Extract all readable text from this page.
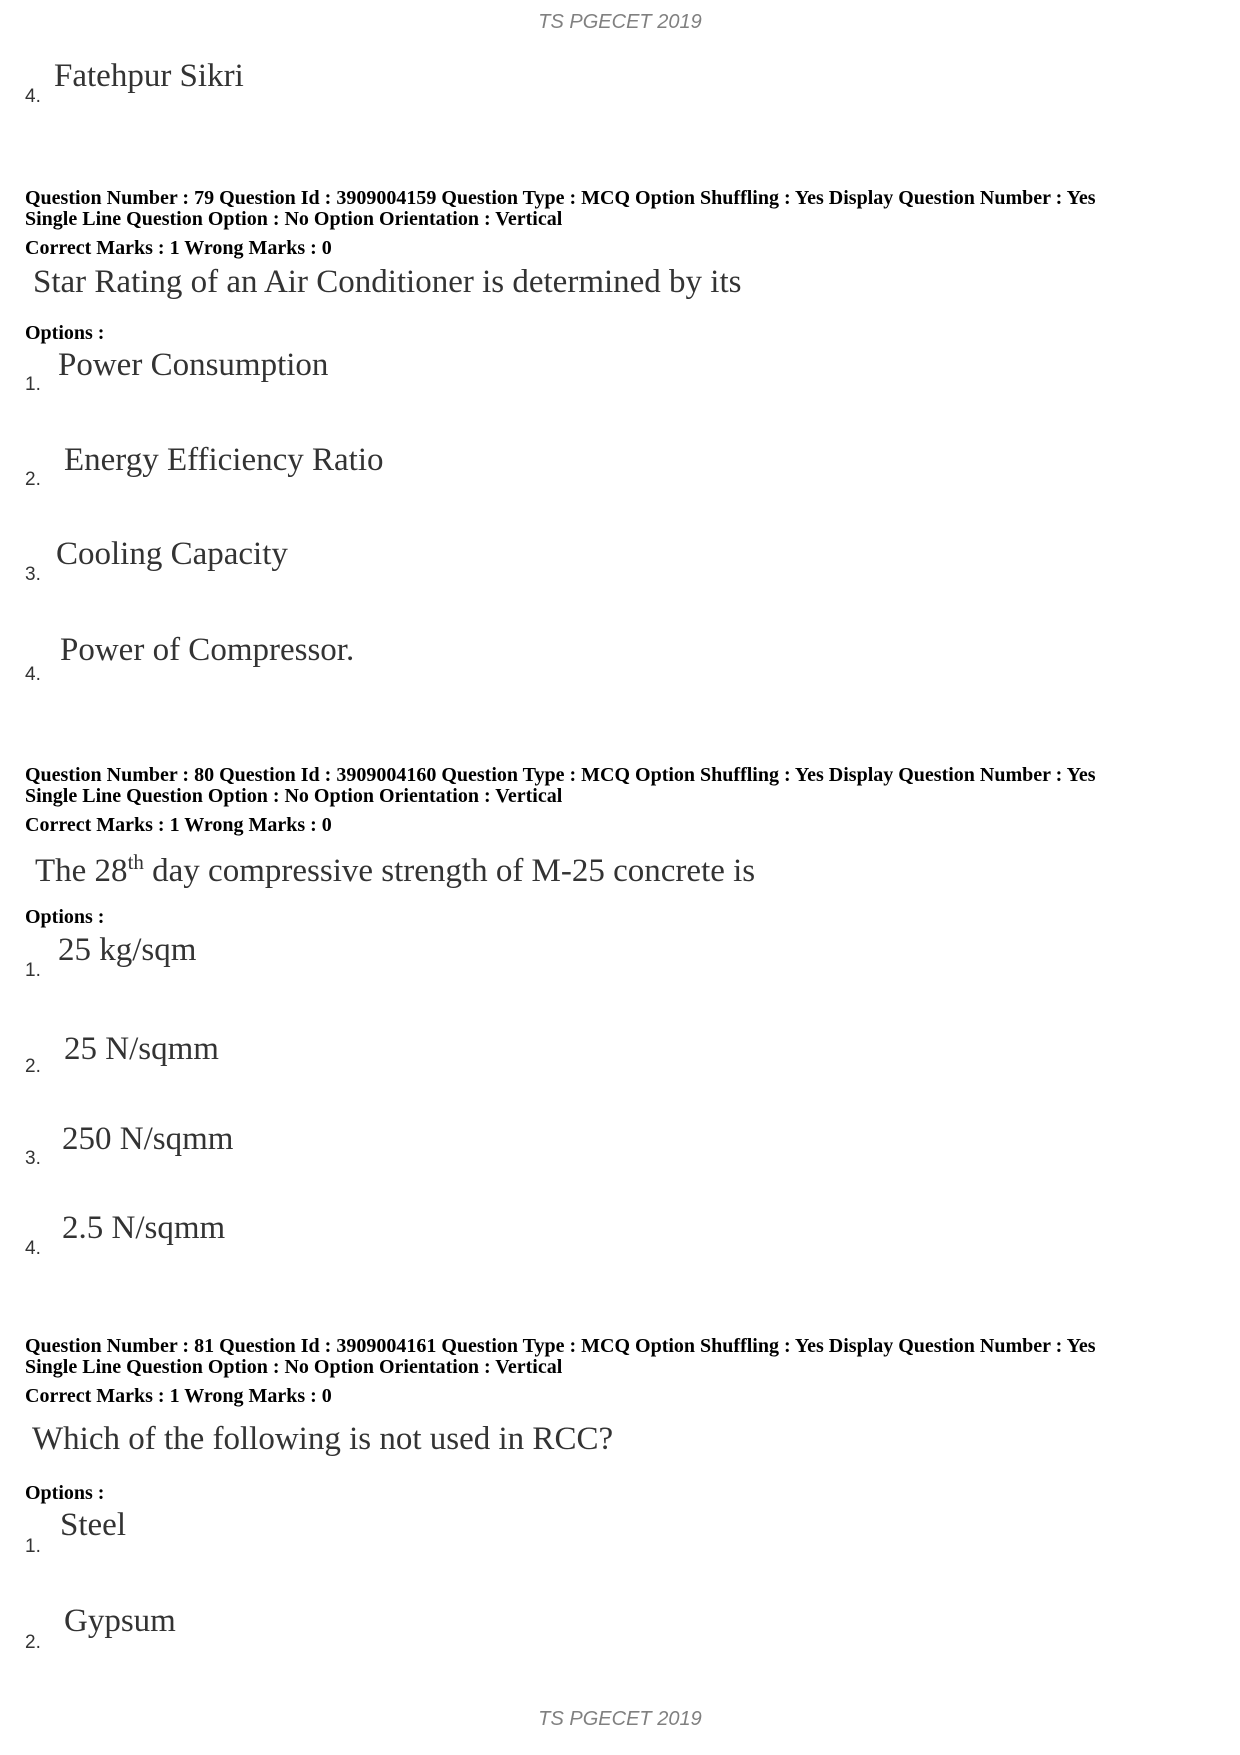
TS PGECET 2019
4.
Fatehpur Sikri
Question Number : 79 Question Id : 3909004159 Question Type : MCQ Option Shuffling : Yes Display Question Number : Yes
Single Line Question Option : No Option Orientation : Vertical
Correct Marks : 1 Wrong Marks : 0
Star Rating of an Air Conditioner is determined by its
Options :
1.
Power Consumption
2.
Energy Efficiency Ratio
3.
Cooling Capacity
4.
Power of Compressor.
Question Number : 80 Question Id : 3909004160 Question Type : MCQ Option Shuffling : Yes Display Question Number : Yes
Single Line Question Option : No Option Orientation : Vertical
Correct Marks : 1 Wrong Marks : 0
The 28th day compressive strength of M-25 concrete is
Options :
1.
25 kg/sqm
2. 25 N/sqmm
3.
250 N/sqmm
4.
2.5 N/sqmm
Question Number : 81 Question Id : 3909004161 Question Type : MCQ Option Shuffling : Yes Display Question Number : Yes
Single Line Question Option : No Option Orientation : Vertical
Correct Marks : 1 Wrong Marks : 0
Which of the following is not used in RCC?
Options :
1.
Steel
2.
Gypsum
TS PGECET 2019
